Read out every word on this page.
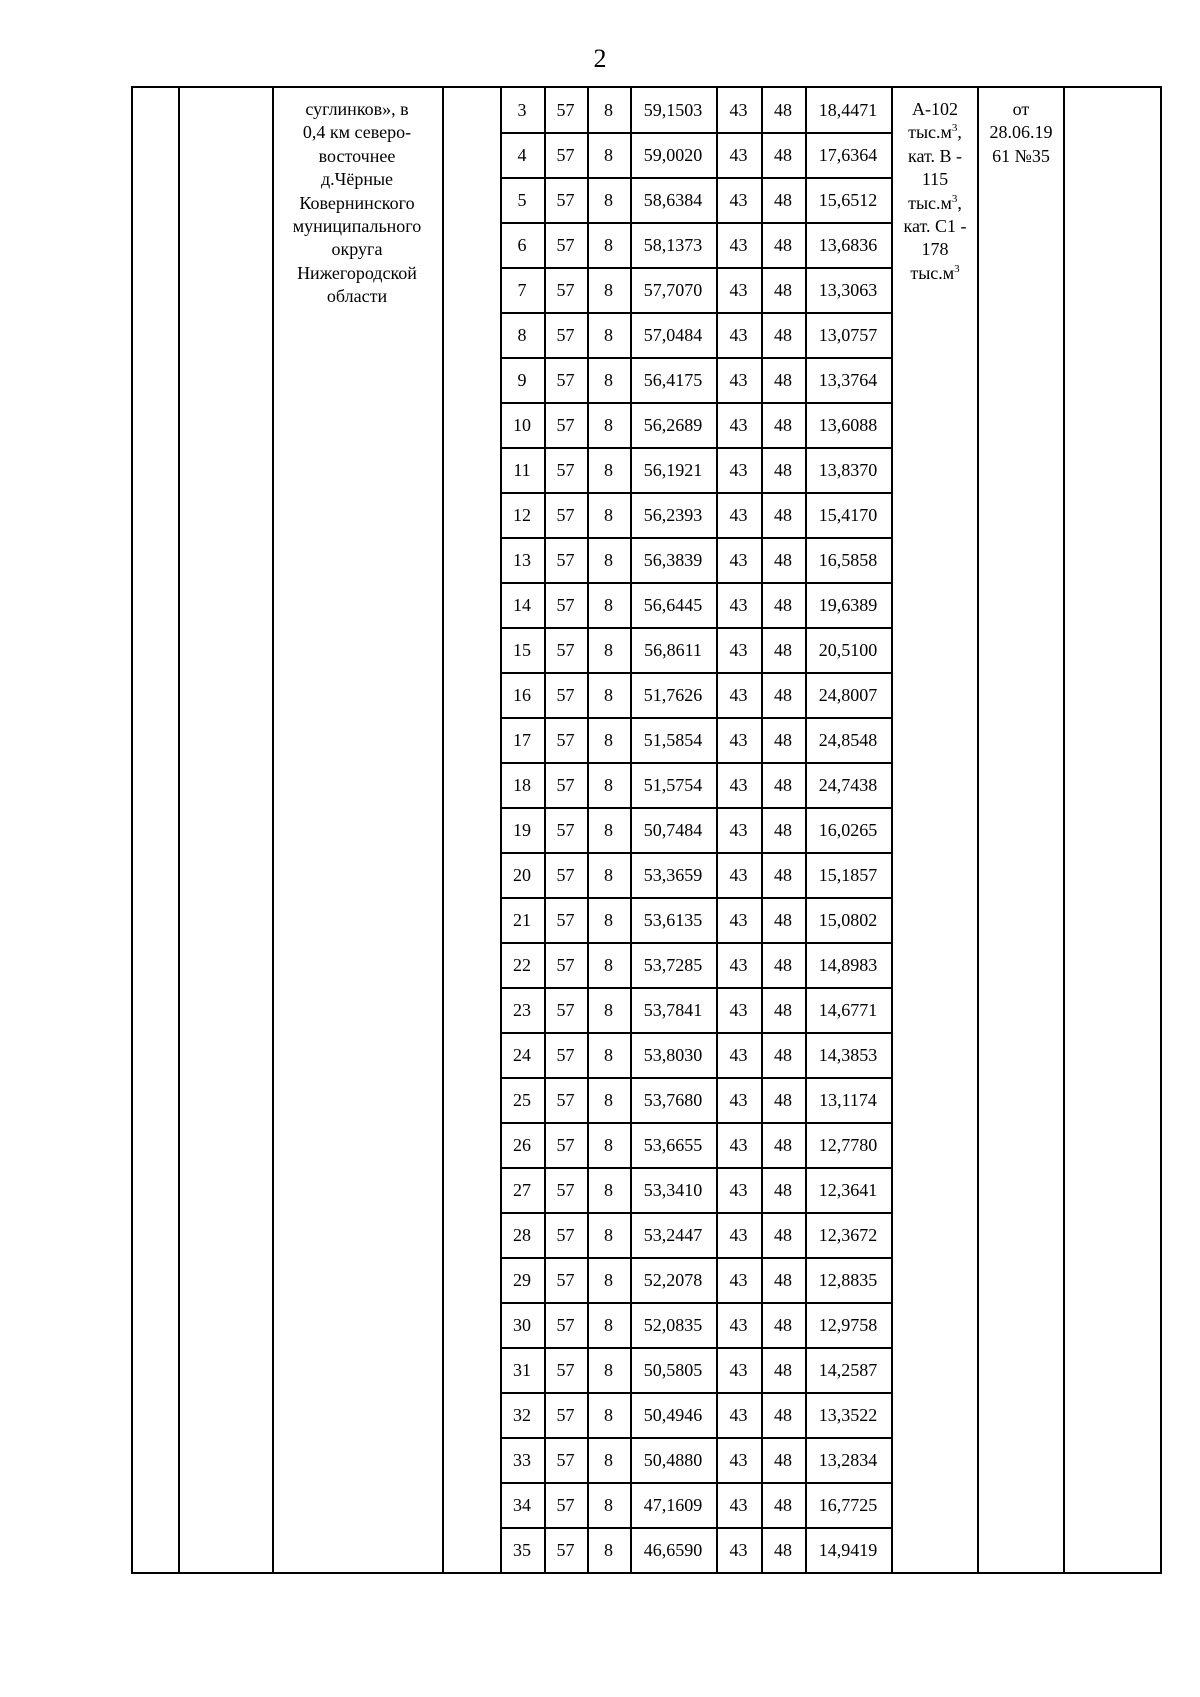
2
суглинков», в
0,4 км северо-
восточнее
д.Чёрные
Ковернинского
муниципального
округа
Нижегородской
области
А-102
$тыс.м^3$,
кат. В -
115
$тыс.м^3$,
кат. С1 -
178
$тыс.м^3$
от
28.06.19
61 №35
3	57	8	59,1503	43	48	18,4471
4	57	8	59,0020	43	48	17,6364
5	57	8	58,6384	43	48	15,6512
6	57	8	58,1373	43	48	13,6836
7	57	8	57,7070	43	48	13,3063
8	57	8	57,0484	43	48	13,0757
9	57	8	56,4175	43	48	13,3764
10	57	8	56,2689	43	48	13,6088
11	57	8	56,1921	43	48	13,8370
12	57	8	56,2393	43	48	15,4170
13	57	8	56,3839	43	48	16,5858
14	57	8	56,6445	43	48	19,6389
15	57	8	56,8611	43	48	20,5100
16	57	8	51,7626	43	48	24,8007
17	57	8	51,5854	43	48	24,8548
18	57	8	51,5754	43	48	24,7438
19	57	8	50,7484	43	48	16,0265
20	57	8	53,3659	43	48	15,1857
21	57	8	53,6135	43	48	15,0802
22	57	8	53,7285	43	48	14,8983
23	57	8	53,7841	43	48	14,6771
24	57	8	53,8030	43	48	14,3853
25	57	8	53,7680	43	48	13,1174
26	57	8	53,6655	43	48	12,7780
27	57	8	53,3410	43	48	12,3641
28	57	8	53,2447	43	48	12,3672
29	57	8	52,2078	43	48	12,8835
30	57	8	52,0835	43	48	12,9758
31	57	8	50,5805	43	48	14,2587
32	57	8	50,4946	43	48	13,3522
33	57	8	50,4880	43	48	13,2834
34	57	8	47,1609	43	48	16,7725
35	57	8	46,6590	43	48	14,9419
